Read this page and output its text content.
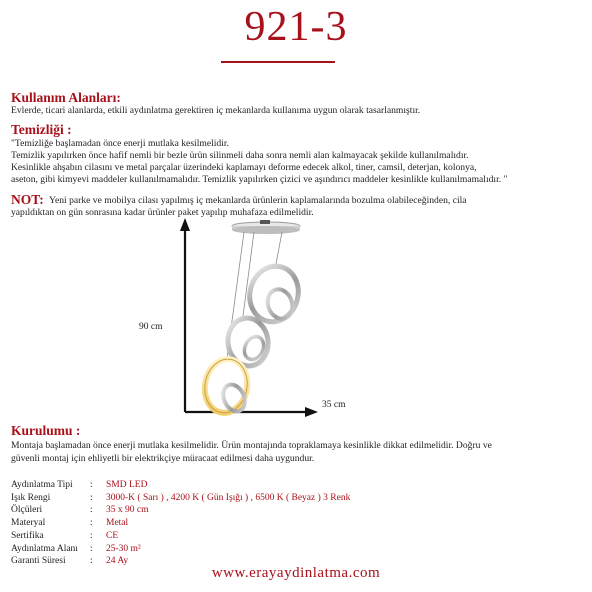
921-3
Kullanım Alanları:
Evlerde, ticari alanlarda, etkili aydınlatma gerektiren iç mekanlarda kullanıma uygun olarak tasarlanmıştır.
Temizliği :
"Temizliğe başlamadan önce enerji mutlaka kesilmelidir.
Temizlik yapılırken önce hafif nemli bir bezle ürün silinmeli daha sonra nemli alan kalmayacak şekilde kullanılmalıdır.
Kesinlikle ahşabın cilasını ve metal parçalar üzerindeki kaplamayı deforme edecek alkol, tiner, camsil, deterjan, kolonya,
aseton, gibi kimyevi maddeler kullanılmamalıdır. Temizlik yapılırken çizici ve aşındırıcı maddeler kesinlikle kullanılmamalıdır. "
NOT: Yeni parke ve mobilya cilası yapılmış iç mekanlarda ürünlerin kaplamalarında bozulma olabileceğinden, cila
yapıldıktan on gün sonrasına kadar ürünler paket yapılıp muhafaza edilmelidir.
90 cm
35 cm
Kurulumu :
Montaja başlamadan önce enerji mutlaka kesilmelidir. Ürün montajında topraklamaya kesinlikle dikkat edilmelidir. Doğru ve
güvenli montaj için ehliyetli bir elektrikçiye müracaat edilmesi daha uygundur.
Aydınlatma Tipi	:	SMD LED
Işık Rengi	:	3000-K ( Sarı ) , 4200 K ( Gün Işığı ) , 6500 K ( Beyaz ) 3 Renk
Ölçüleri	:	35 x 90 cm
Materyal	:	Metal
Sertifika	:	CE
Aydınlatma Alanı	:	25-30 m²
Garanti Süresi	:	24 Ay
www.erayaydinlatma.com
